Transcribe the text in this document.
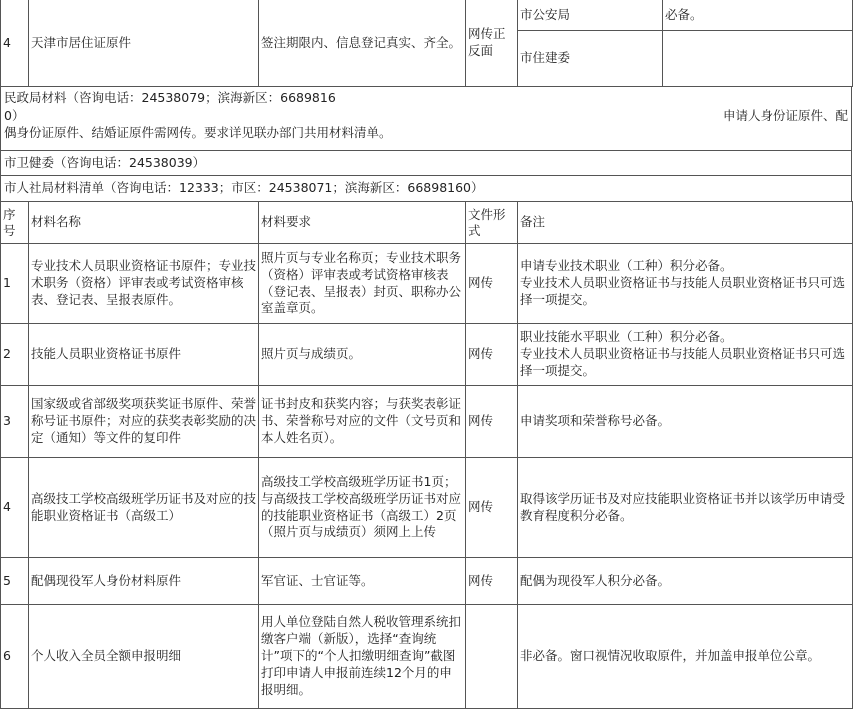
4	天津市居住证原件	签注期限内、信息登记真实、齐全。	网传正反面	市公安局	必备。
				市住建委	
民政局材料（咨询电话：24538079；滨海新区：6689816
0）	申请人身份证原件、配
偶身份证原件、结婚证原件需网传。要求详见联办部门共用材料清单。
市卫健委（咨询电话：24538039）
市人社局材料清单（咨询电话：12333；市区：24538071；滨海新区：66898160）
序号	材料名称	材料要求	文件形式	备注
1	专业技术人员职业资格证书原件；专业技术职务（资格）评审表或考试资格审核表、登记表、呈报表原件。	照片页与专业名称页；专业技术职务（资格）评审表或考试资格审核表（登记表、呈报表）封页、职称办公室盖章页。	网传	申请专业技术职业（工种）积分必备。
专业技术人员职业资格证书与技能人员职业资格证书只可选择一项提交。

2	技能人员职业资格证书原件	照片页与成绩页。	网传	职业技能水平职业（工种）积分必备。
专业技术人员职业资格证书与技能人员职业资格证书只可选择一项提交。

3	国家级或省部级奖项获奖证书原件、荣誉称号证书原件；对应的获奖表彰奖励的决定（通知）等文件的复印件	证书封皮和获奖内容；与获奖表彰证书、荣誉称号对应的文件（文号页和本人姓名页）。	网传	申请奖项和荣誉称号必备。

4	高级技工学校高级班学历证书及对应的技能职业资格证书（高级工）	高级技工学校高级班学历证书1页；与高级技工学校高级班学历证书对应的技能职业资格证书（高级工）2页（照片页与成绩页）须网上上传	网传	取得该学历证书及对应技能职业资格证书并以该学历申请受教育程度积分必备。

5	配偶现役军人身份材料原件	军官证、士官证等。	网传	配偶为现役军人积分必备。

6	个人收入全员全额申报明细	用人单位登陆自然人税收管理系统扣缴客户端（新版），选择“查询统计”项下的“个人扣缴明细查询”截图打印申请人申报前连续12个月的申报明细。		非必备。窗口视情况收取原件，并加盖申报单位公章。
